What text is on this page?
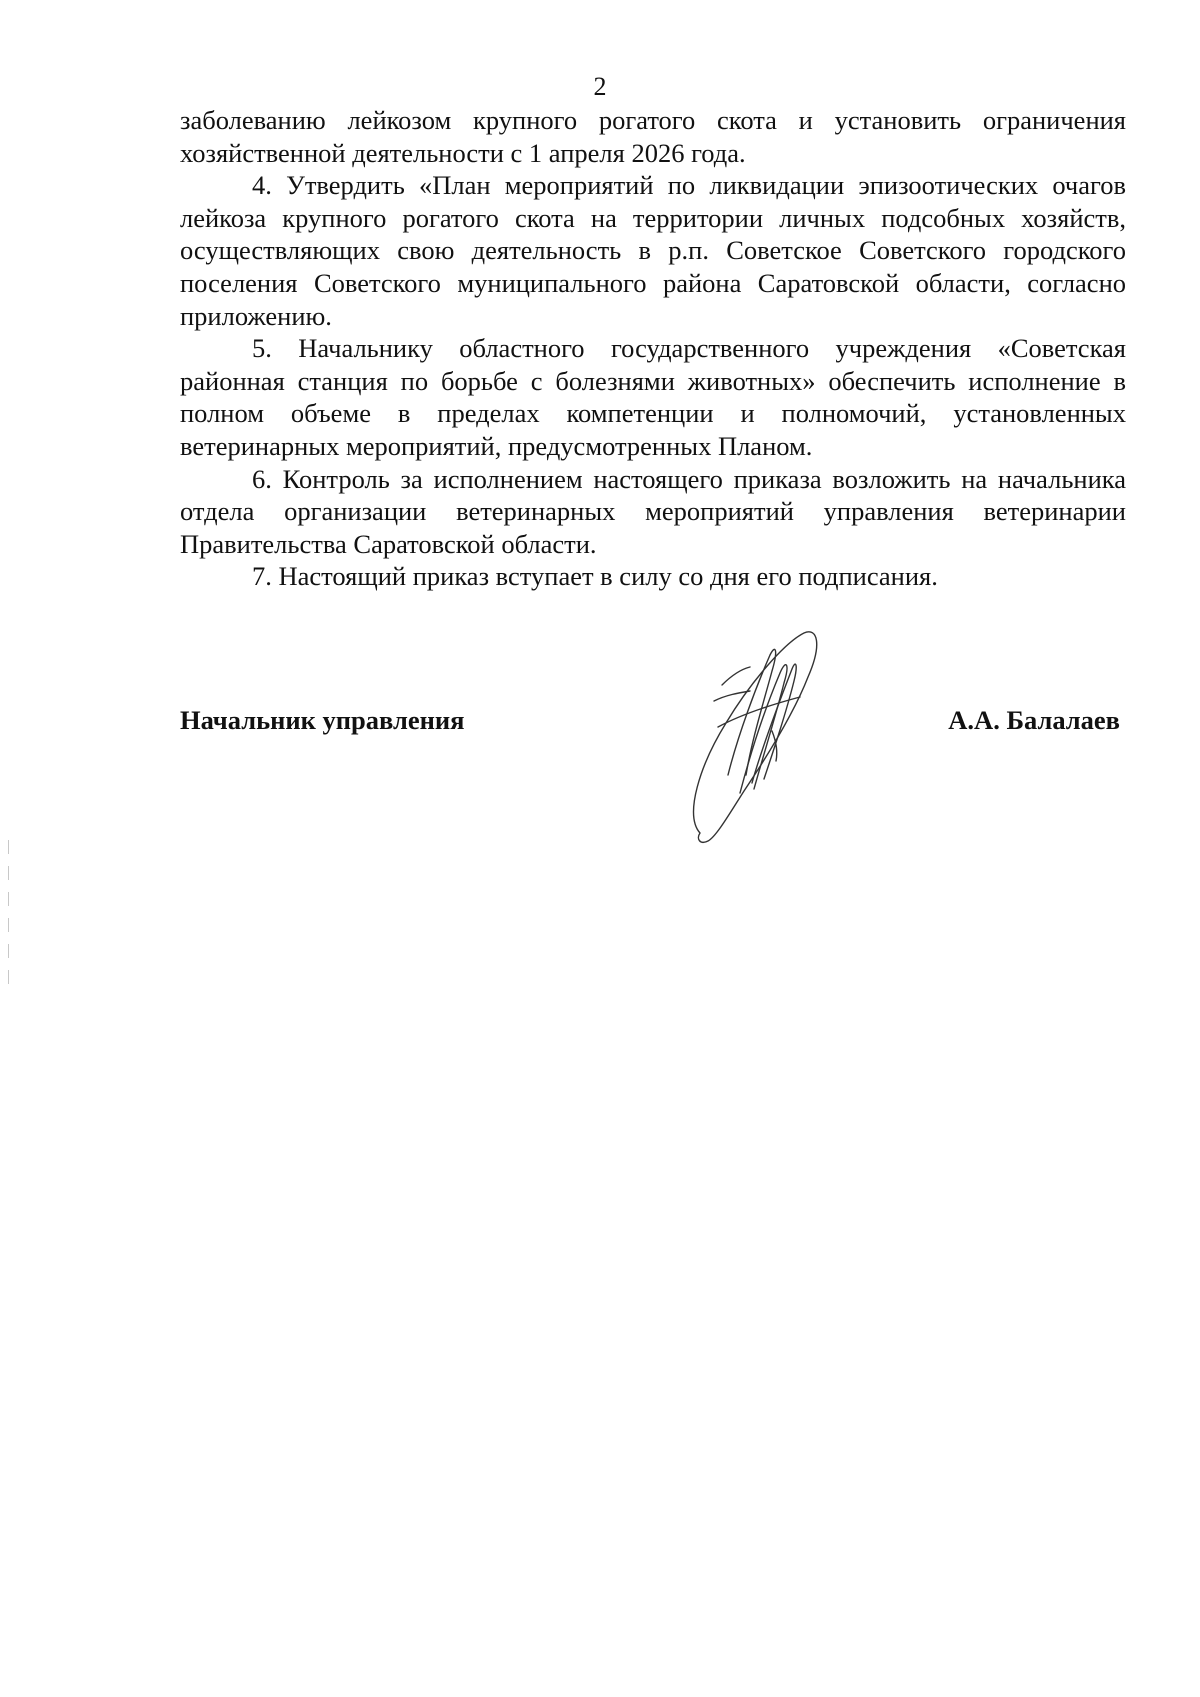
2

заболеванию лейкозом крупного рогатого скота и установить ограничения хозяйственной деятельности с 1 апреля 2026 года.

4. Утвердить «План мероприятий по ликвидации эпизоотических очагов лейкоза крупного рогатого скота на территории личных подсобных хозяйств, осуществляющих свою деятельность в р.п. Советское Советского городского поселения Советского муниципального района Саратовской области, согласно приложению.

5. Начальнику областного государственного учреждения «Советская районная станция по борьбе с болезнями животных» обеспечить исполнение в полном объеме в пределах компетенции и полномочий, установленных ветеринарных мероприятий, предусмотренных Планом.

6. Контроль за исполнением настоящего приказа возложить на начальника отдела организации ветеринарных мероприятий управления ветеринарии Правительства Саратовской области.

7. Настоящий приказ вступает в силу со дня его подписания.

Начальник управления	А.А. Балалаев
